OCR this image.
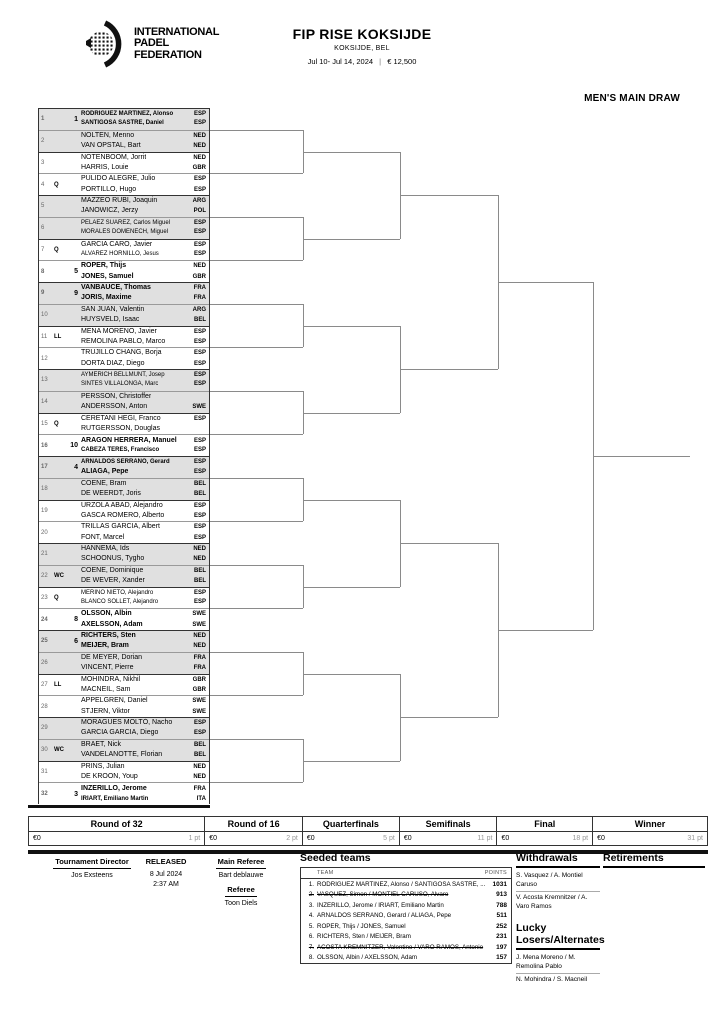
INTERNATIONAL
PADEL
FEDERATION
FIP RISE KOKSIJDE
KOKSIJDE, BEL
Jul 10- Jul 14, 2024 | € 12,500
MEN'S MAIN DRAW
1	1
RODRIGUEZ MARTINEZ, Alonso	ESP
SANTIGOSA SASTRE, Daniel	ESP
2
NOLTEN, Menno	NED
VAN OPSTAL, Bart	NED
3
NOTENBOOM, Jorrit	NED
HARRIS, Louie	GBR
4	Q
PULIDO ALEGRE, Julio	ESP
PORTILLO, Hugo	ESP
5
MAZZEO RUBI, Joaquin	ARG
JANOWICZ, Jerzy	POL
6
PELAEZ SUAREZ, Carlos Miguel	ESP
MORALES DOMENECH, Miguel	ESP
7	Q
GARCIA CARO, Javier	ESP
ALVAREZ HORNILLO, Jesus	ESP
8	5
ROPER, Thijs	NED
JONES, Samuel	GBR
9	9
VANBAUCE, Thomas	FRA
JORIS, Maxime	FRA
10
SAN JUAN, Valentin	ARG
HUYSVELD, Isaac	BEL
11	LL
MENA MORENO, Javier	ESP
REMOLINA PABLO, Marco	ESP
12
TRUJILLO CHANG, Borja	ESP
DORTA DIAZ, Diego	ESP
13
AYMERICH BELLMUNT, Josep	ESP
SINTES VILLALONGA, Marc	ESP
14
PERSSON, Christoffer
ANDERSSON, Anton	SWE
15	Q
CERETANI HEGI, Franco	ESP
RUTGERSSON, Douglas
16	10
ARAGON HERRERA, Manuel	ESP
CABEZA TERES, Francisco	ESP
17	4
ARNALDOS SERRANO, Gerard	ESP
ALIAGA, Pepe	ESP
18
COENE, Bram	BEL
DE WEERDT, Joris	BEL
19
URZOLA ABAD, Alejandro	ESP
GASCA ROMERO, Alberto	ESP
20
TRILLAS GARCIA, Albert	ESP
FONT, Marcel	ESP
21
HANNEMA, Ids	NED
SCHOONUS, Tygho	NED
22	WC
COENE, Dominique	BEL
DE WEVER, Xander	BEL
23	Q
MERINO NIETO, Alejandro	ESP
BLANCO SOLLET, Alejandro	ESP
24	8
OLSSON, Albin	SWE
AXELSSON, Adam	SWE
25	6
RICHTERS, Sten	NED
MEIJER, Bram	NED
26
DE MEYER, Dorian	FRA
VINCENT, Pierre	FRA
27	LL
MOHINDRA, Nikhil	GBR
MACNEIL, Sam	GBR
28
APPELGREN, Daniel	SWE
STJERN, Viktor	SWE
29
MORAGUES MOLTÓ, Nacho	ESP
GARCIA GARCIA, Diego	ESP
30	WC
BRAET, Nick	BEL
VANDELANOTTE, Florian	BEL
31
PRINS, Julian	NED
DE KROON, Youp	NED
32	3
INZERILLO, Jerome	FRA
IRIART, Emiliano Martin	ITA
Round of 32
€0	1 pt
Round of 16
€0	2 pt
Quarterfinals
€0	5 pt
Semifinals
€0	11 pt
Final
€0	18 pt
Winner
€0	31 pt
Tournament Director
Jos Exsteens
RELEASED
8 Jul 2024
2:37 AM
Main Referee
Bart deblauwe
Referee
Toon Diels
Seeded teams
TEAM	POINTS
1. RODRIGUEZ MARTINEZ, Alonso / SANTIGOSA SASTRE, ...	1031
2. VASQUEZ, Simon / MONTIEL CARUSO, Alvaro	913
3. INZERILLO, Jerome / IRIART, Emiliano Martin	788
4. ARNALDOS SERRANO, Gerard / ALIAGA, Pepe	511
5. ROPER, Thijs / JONES, Samuel	252
6. RICHTERS, Sten / MEIJER, Bram	231
7. ACOSTA KREMNITZER, Valentino / VARO RAMOS, Antonio	197
8. OLSSON, Albin / AXELSSON, Adam	157
Withdrawals
S. Vasquez / A. Montiel Caruso
V. Acosta Kremnitzer / A. Varo Ramos
Lucky Losers/Alternates
J. Mena Moreno / M. Remolina Pablo
N. Mohindra / S. Macneil
Retirements
